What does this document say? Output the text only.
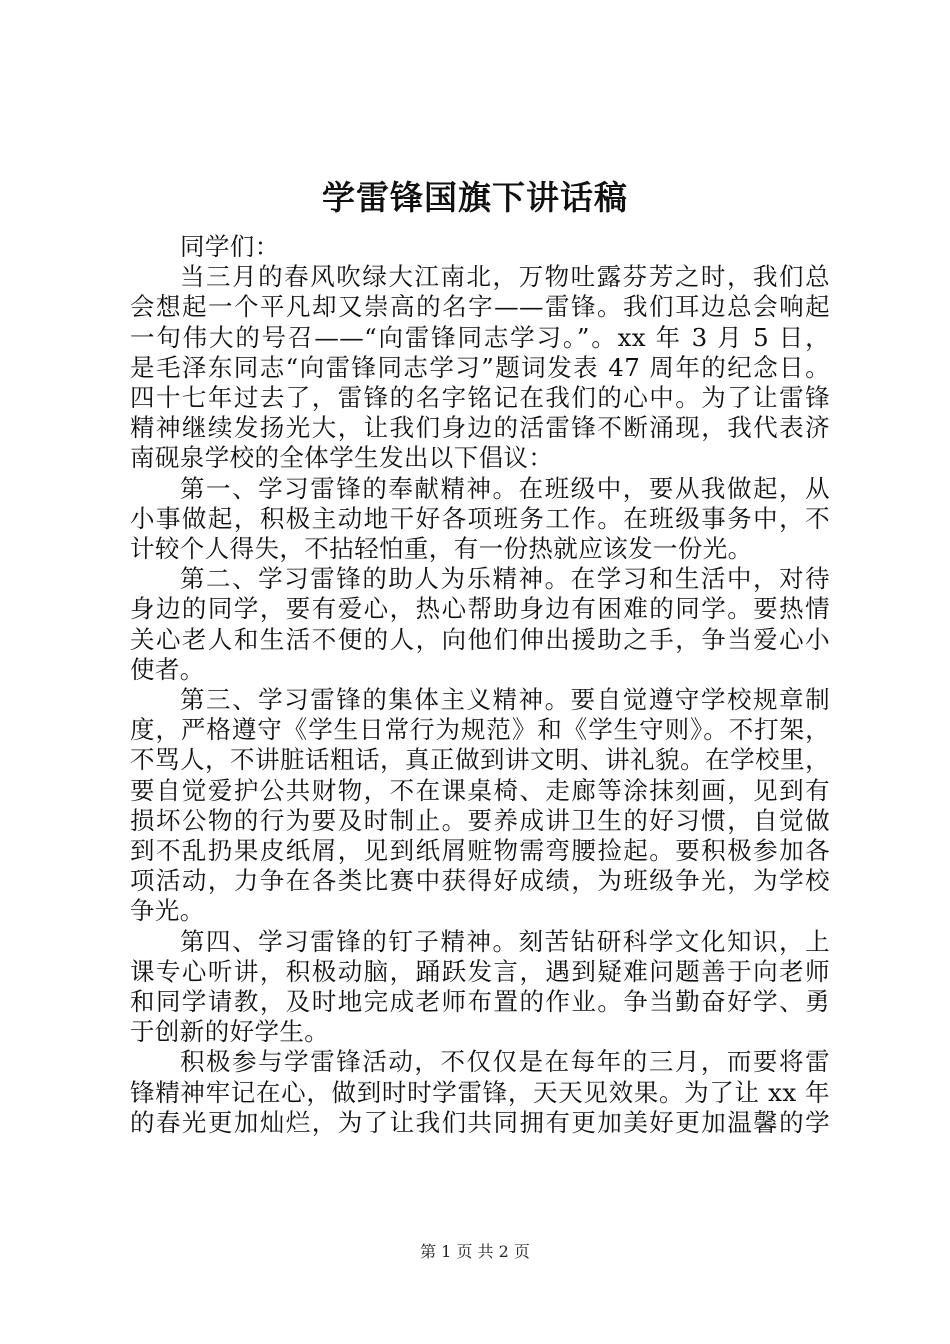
学雷锋国旗下讲话稿
同学们：
当三月的春风吹绿大江南北，万物吐露芬芳之时，我们总
会想起一个平凡却又崇高的名字——雷锋。我们耳边总会响起
一句伟大的号召——“向雷锋同志学习。”。xx 年 3 月 5 日，
是毛泽东同志“向雷锋同志学习”题词发表 47 周年的纪念日。
四十七年过去了，雷锋的名字铭记在我们的心中。为了让雷锋
精神继续发扬光大，让我们身边的活雷锋不断涌现，我代表济
南砚泉学校的全体学生发出以下倡议：
第一、学习雷锋的奉献精神。在班级中，要从我做起，从
小事做起，积极主动地干好各项班务工作。在班级事务中，不
计较个人得失，不拈轻怕重，有一份热就应该发一份光。
第二、学习雷锋的助人为乐精神。在学习和生活中，对待
身边的同学，要有爱心，热心帮助身边有困难的同学。要热情
关心老人和生活不便的人，向他们伸出援助之手，争当爱心小
使者。
第三、学习雷锋的集体主义精神。要自觉遵守学校规章制
度，严格遵守《学生日常行为规范》和《学生守则》。不打架，
不骂人，不讲脏话粗话，真正做到讲文明、讲礼貌。在学校里，
要自觉爱护公共财物，不在课桌椅、走廊等涂抹刻画，见到有
损坏公物的行为要及时制止。要养成讲卫生的好习惯，自觉做
到不乱扔果皮纸屑，见到纸屑赃物需弯腰捡起。要积极参加各
项活动，力争在各类比赛中获得好成绩，为班级争光，为学校
争光。
第四、学习雷锋的钉子精神。刻苦钻研科学文化知识，上
课专心听讲，积极动脑，踊跃发言，遇到疑难问题善于向老师
和同学请教，及时地完成老师布置的作业。争当勤奋好学、勇
于创新的好学生。
积极参与学雷锋活动，不仅仅是在每年的三月，而要将雷
锋精神牢记在心，做到时时学雷锋，天天见效果。为了让 xx 年
的春光更加灿烂，为了让我们共同拥有更加美好更加温馨的学
第 1 页 共 2 页
